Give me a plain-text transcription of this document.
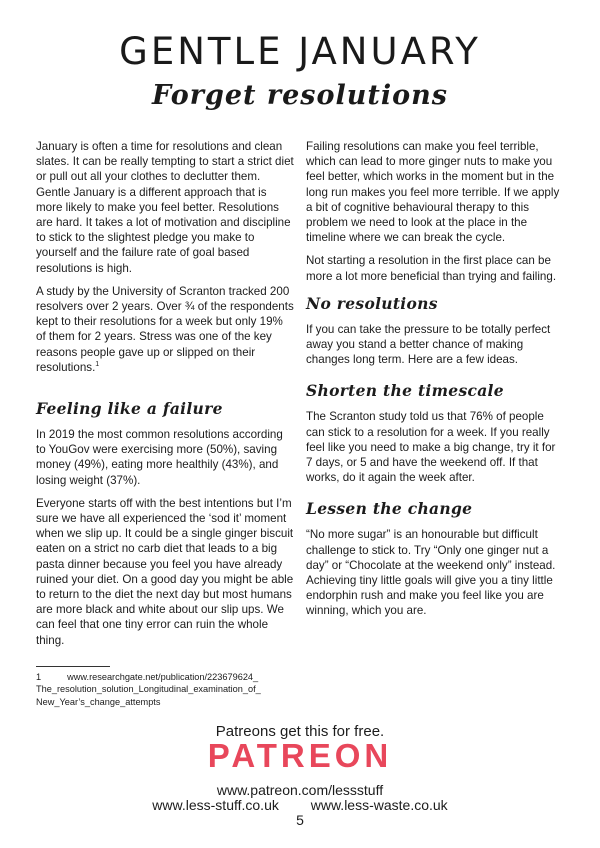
GENTLE JANUARY
Forget resolutions

January is often a time for resolutions and clean slates. It can be really tempting to start a strict diet or pull out all your clothes to declutter them. Gentle January is a different approach that is more likely to make you feel better. Resolutions are hard. It takes a lot of motivation and discipline to stick to the slightest pledge you make to yourself and the failure rate of goal based resolutions is high.

A study by the University of Scranton tracked 200 resolvers over 2 years. Over ¾ of the respondents kept to their resolutions for a week but only 19% of them for 2 years. Stress was one of the key reasons people gave up or slipped on their resolutions.$^1$

Feeling like a failure

In 2019 the most common resolutions according to YouGov were exercising more (50%), saving money (49%), eating more healthily (43%), and losing weight (37%).

Everyone starts off with the best intentions but I’m sure we have all experienced the ‘sod it’ moment when we slip up. It could be a single ginger biscuit eaten on a strict no carb diet that leads to a big pasta dinner because you feel you have already ruined your diet. On a good day you might be able to return to the diet the next day but most humans are more black and white about our slip ups. We can feel that one tiny error can ruin the whole thing.

1	www.researchgate.net/publication/223679624_ The_resolution_solution_Longitudinal_examination_of_ New_Year’s_change_attempts

Failing resolutions can make you feel terrible, which can lead to more ginger nuts to make you feel better, which works in the moment but in the long run makes you feel more terrible. If we apply a bit of cognitive behavioural therapy to this problem we need to look at the place in the timeline where we can break the cycle.

Not starting a resolution in the first place can be more a lot more beneficial than trying and failing.

No resolutions

If you can take the pressure to be totally perfect away you stand a better chance of making changes long term. Here are a few ideas.

Shorten the timescale

The Scranton study told us that 76% of people can stick to a resolution for a week. If you really feel like you need to make a big change, try it for 7 days, or 5 and have the weekend off. If that works, do it again the week after.

Lessen the change

“No more sugar” is an honourable but difficult challenge to stick to. Try “Only one ginger nut a day” or “Chocolate at the weekend only” instead. Achieving tiny little goals will give you a tiny little endorphin rush and make you feel like you are winning, which you are.

Patreons get this for free.
PATREON
www.patreon.com/lessstuff
www.less-stuff.co.uk www.less-waste.co.uk
5
